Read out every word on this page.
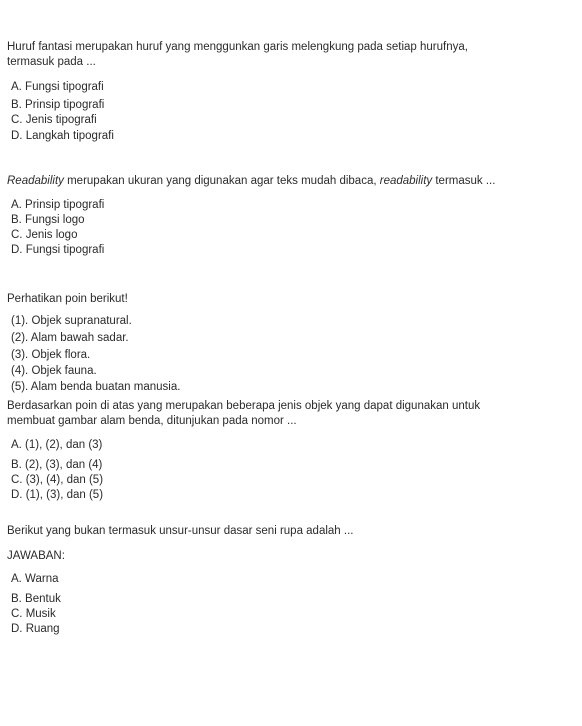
Huruf fantasi merupakan huruf yang menggunkan garis melengkung pada setiap hurufnya, termasuk pada ...
A. Fungsi tipografi
B. Prinsip tipografi
C. Jenis tipografi
D. Langkah tipografi
Readability merupakan ukuran yang digunakan agar teks mudah dibaca, readability termasuk ...
A. Prinsip tipografi
B. Fungsi logo
C. Jenis logo
D. Fungsi tipografi
Perhatikan poin berikut!
(1). Objek supranatural.
(2). Alam bawah sadar.
(3). Objek flora.
(4). Objek fauna.
(5). Alam benda buatan manusia.
Berdasarkan poin di atas yang merupakan beberapa jenis objek yang dapat digunakan untuk membuat gambar alam benda, ditunjukan pada nomor ...
A. (1), (2), dan (3)
B. (2), (3), dan (4)
C. (3), (4), dan (5)
D. (1), (3), dan (5)
Berikut yang bukan termasuk unsur-unsur dasar seni rupa adalah ...
JAWABAN:
A. Warna
B. Bentuk
C. Musik
D. Ruang
